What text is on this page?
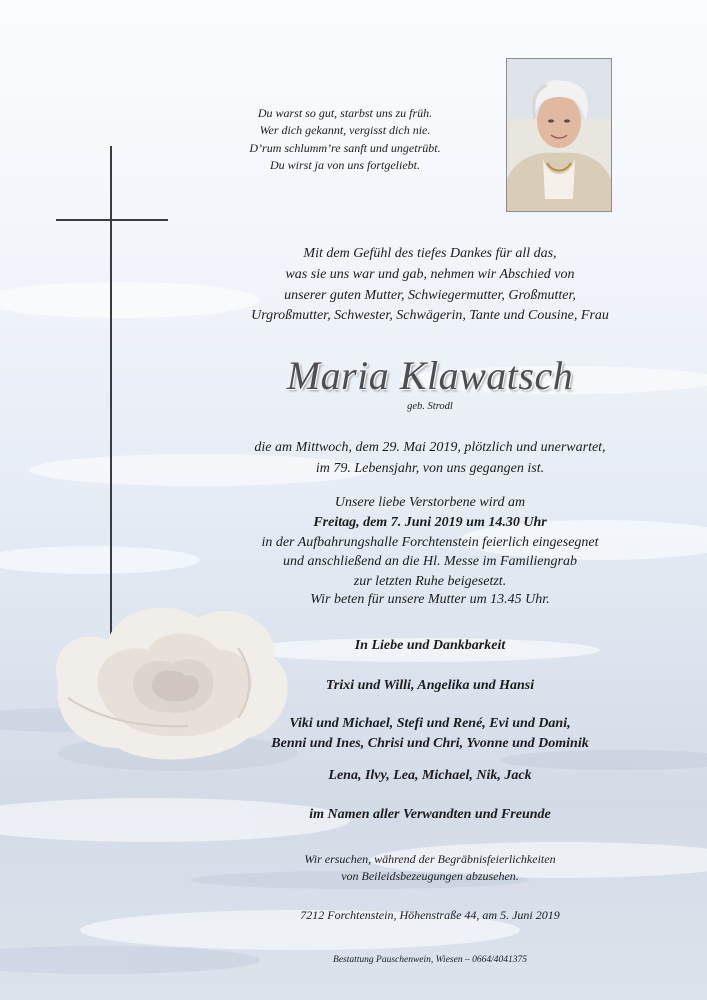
Du warst so gut, starbst uns zu früh.
Wer dich gekannt, vergisst dich nie.
D’rum schlumm’re sanft und ungetrübt.
Du wirst ja von uns fortgeliebt.
Mit dem Gefühl des tiefes Dankes für all das,
was sie uns war und gab, nehmen wir Abschied von
unserer guten Mutter, Schwiegermutter, Großmutter,
Urgroßmutter, Schwester, Schwägerin, Tante und Cousine, Frau
Maria Klawatsch
geb. Strodl
die am Mittwoch, dem 29. Mai 2019, plötzlich und unerwartet,
im 79. Lebensjahr, von uns gegangen ist.
Unsere liebe Verstorbene wird am
Freitag, dem 7. Juni 2019 um 14.30 Uhr
in der Aufbahrungshalle Forchtenstein feierlich eingesegnet
und anschließend an die Hl. Messe im Familiengrab
zur letzten Ruhe beigesetzt.
Wir beten für unsere Mutter um 13.45 Uhr.
In Liebe und Dankbarkeit
Trixi und Willi, Angelika und Hansi
Viki und Michael, Stefi und René, Evi und Dani,
Benni und Ines, Chrisi und Chri, Yvonne und Dominik
Lena, Ilvy, Lea, Michael, Nik, Jack
im Namen aller Verwandten und Freunde
Wir ersuchen, während der Begräbnisfeierlichkeiten
von Beileidsbezeugungen abzusehen.
7212 Forchtenstein, Höhenstraße 44, am 5. Juni 2019
Bestattung Pauschenwein, Wiesen – 0664/4041375
